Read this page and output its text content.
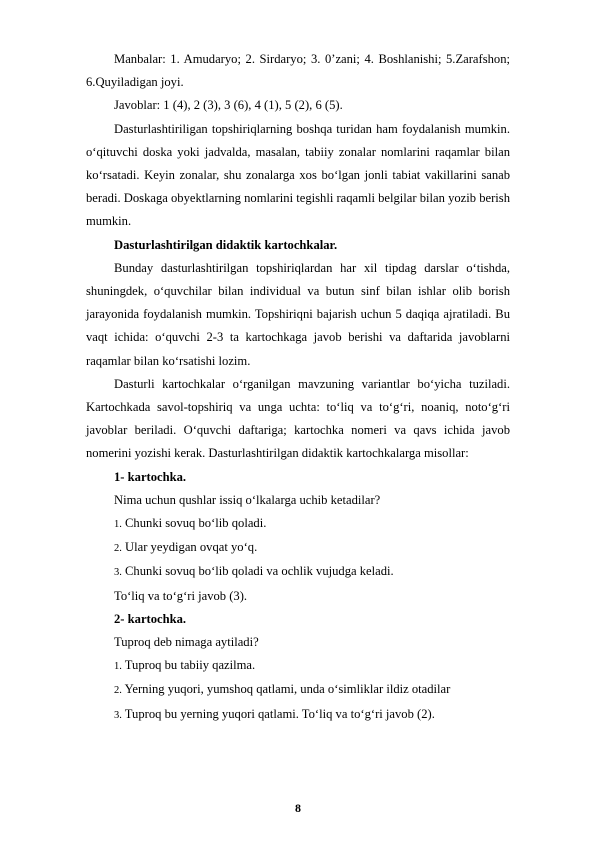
Manbalar: 1. Amudaryo; 2. Sirdaryo; 3. 0’zani; 4. Boshlanishi; 5.Zarafshon; 6.Quyiladigan joyi.

Javoblar: 1 (4), 2 (3), 3 (6), 4 (1), 5 (2), 6 (5).

Dasturlashtiriligan topshiriqlarning boshqa turidan ham foydalanish mumkin. o‘qituvchi doska yoki jadvalda, masalan, tabiiy zonalar nomlarini raqamlar bilan ko‘rsatadi. Keyin zonalar, shu zonalarga xos bo‘lgan jonli tabiat vakillarini sanab beradi. Doskaga obyektlarning nomlarini tegishli raqamli belgilar bilan yozib berish mumkin.

Dasturlashtirilgan didaktik kartochkalar.

Bunday dasturlashtirilgan topshiriqlardan har xil tipdag darslar o‘tishda, shuningdek, o‘quvchilar bilan individual va butun sinf bilan ishlar olib borish jarayonida foydalanish mumkin. Topshiriqni bajarish uchun 5 daqiqa ajratiladi. Bu vaqt ichida: o‘quvchi 2-3 ta kartochkaga javob berishi va daftarida javoblarni raqamlar bilan ko‘rsatishi lozim.

Dasturli kartochkalar o‘rganilgan mavzuning variantlar bo‘yicha tuziladi. Kartochkada savol-topshiriq va unga uchta: to‘liq va to‘g‘ri, noaniq, noto‘g‘ri javoblar beriladi. O‘quvchi daftariga; kartochka nomeri va qavs ichida javob nomerini yozishi kerak. Dasturlashtirilgan didaktik kartochkalarga misollar:

1- kartochka.

Nima uchun qushlar issiq o‘lkalarga uchib ketadilar?

1. Chunki sovuq bo‘lib qoladi.

2. Ular yeydigan ovqat yo‘q.

3. Chunki sovuq bo‘lib qoladi va ochlik vujudga keladi.

To‘liq va to‘g‘ri javob (3).

2- kartochka.

Tuproq deb nimaga aytiladi?

1. Tuproq bu tabiiy qazilma.

2. Yerning yuqori, yumshoq qatlami, unda o‘simliklar ildiz otadilar

3. Tuproq bu yerning yuqori qatlami. To‘liq va to‘g‘ri javob (2).

8
